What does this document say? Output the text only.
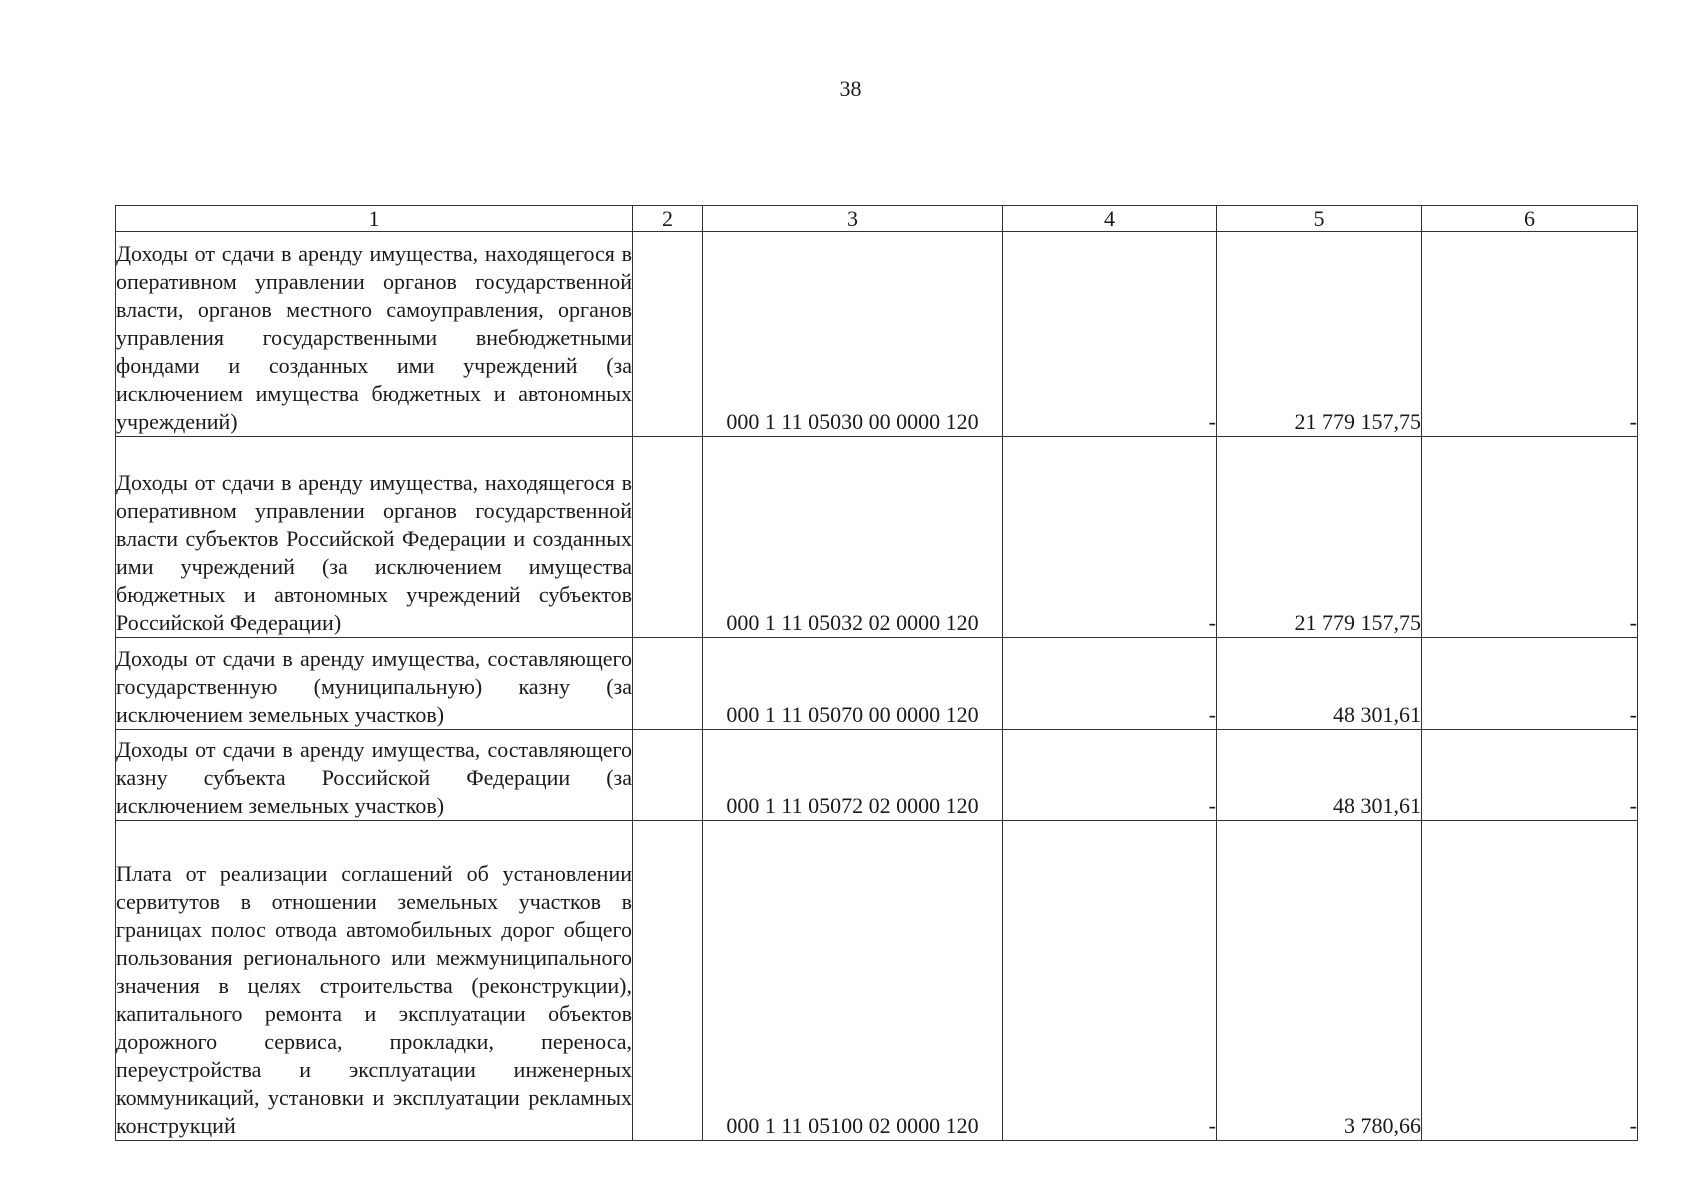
38
1	2	3	4	5	6
Доходы от сдачи в аренду имущества, находящегося в оперативном управлении органов государственной власти, органов местного самоуправления, органов управления государственными внебюджетными фондами и созданных ими учреждений (за исключением имущества бюджетных и автономных учреждений)		000 1 11 05030 00 0000 120	-	21 779 157,75	-
Доходы от сдачи в аренду имущества, находящегося в оперативном управлении органов государственной власти субъектов Российской Федерации и созданных ими учреждений (за исключением имущества бюджетных и автономных учреждений субъектов Российской Федерации)		000 1 11 05032 02 0000 120	-	21 779 157,75	-
Доходы от сдачи в аренду имущества, составляющего государственную (муниципальную) казну (за исключением земельных участков)		000 1 11 05070 00 0000 120	-	48 301,61	-
Доходы от сдачи в аренду имущества, составляющего казну субъекта Российской Федерации (за исключением земельных участков)		000 1 11 05072 02 0000 120	-	48 301,61	-
Плата от реализации соглашений об установлении сервитутов в отношении земельных участков в границах полос отвода автомобильных дорог общего пользования регионального или межмуниципального значения в целях строительства (реконструкции), капитального ремонта и эксплуатации объектов дорожного сервиса, прокладки, переноса, переустройства и эксплуатации инженерных коммуникаций, установки и эксплуатации рекламных конструкций		000 1 11 05100 02 0000 120	-	3 780,66	-
